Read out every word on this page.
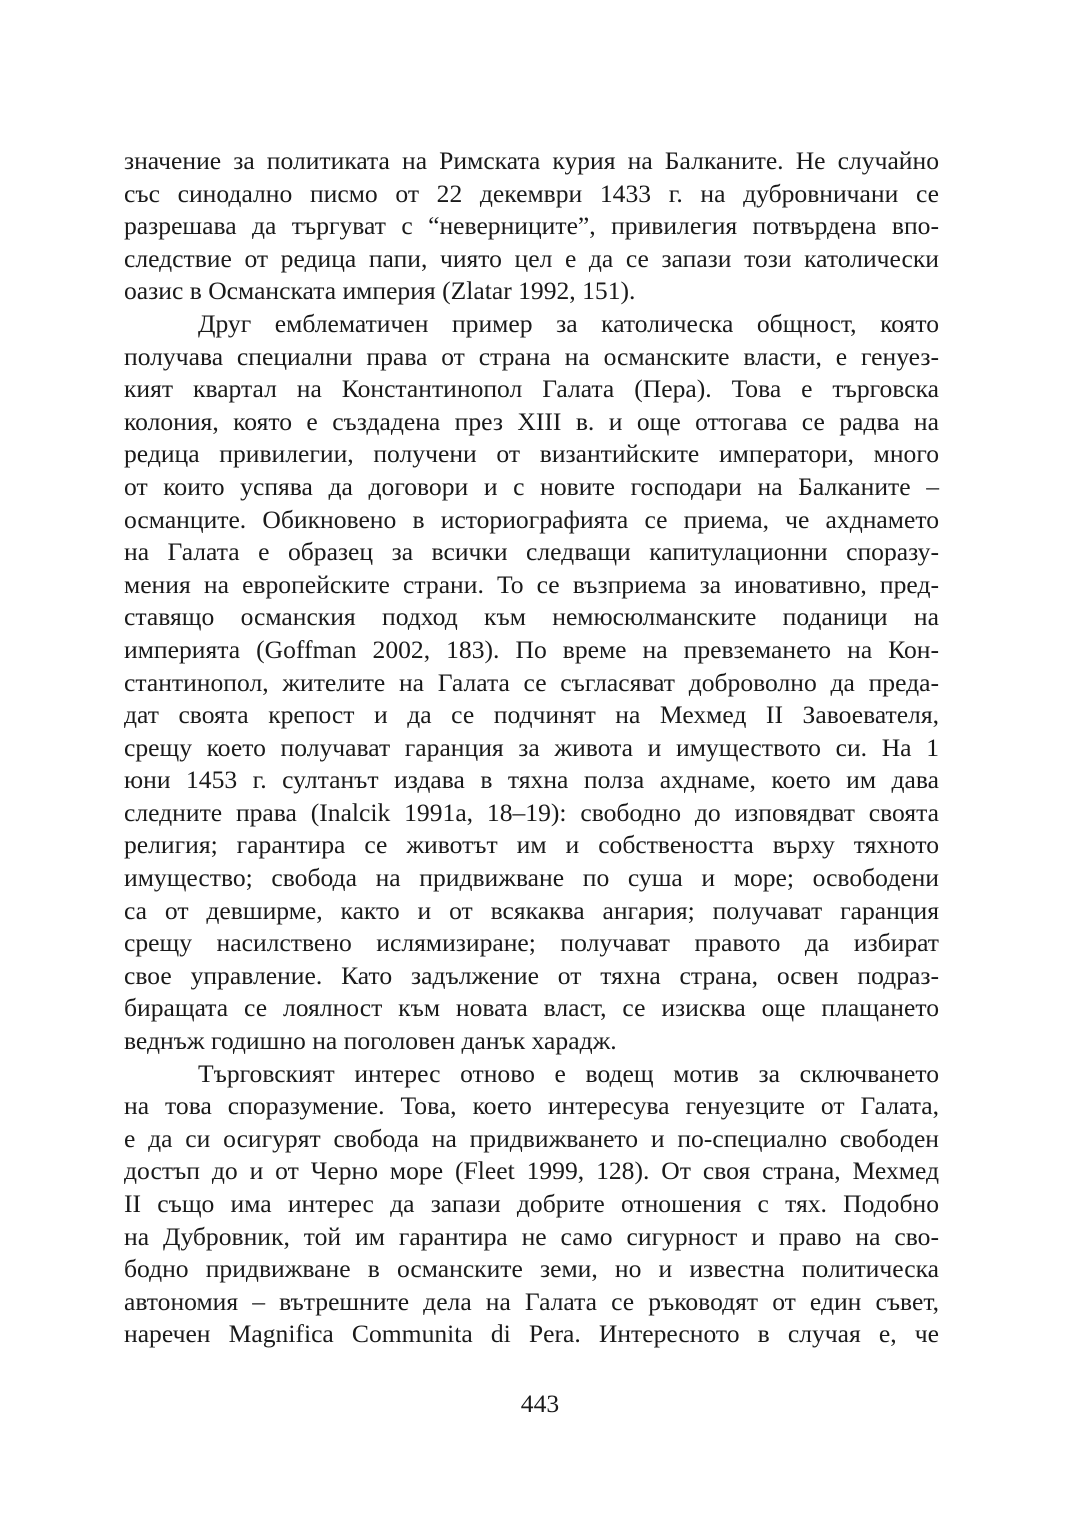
значение за политиката на Римската курия на Балканите. Не случайно
със синодално писмо от 22 декември 1433 г. на дубровничани се
разрешава да търгуват с “неверниците”, привилегия потвърдена впо-
следствие от редица папи, чиято цел е да се запази този католически
оазис в Османската империя (Zlatar 1992, 151).
Друг емблематичен пример за католическа общност, която
получава специални права от страна на османските власти, е генуез-
кият квартал на Константинопол Галата (Пера). Това е търговска
колония, която е създадена през XIII в. и още оттогава се радва на
редица привилегии, получени от византийските императори, много
от които успява да договори и с новите господари на Балканите –
османците. Обикновено в историографията се приема, че ахднамето
на Галата е образец за всички следващи капитулационни споразу-
мения на европейските страни. То се възприема за иновативно, пред-
ставящо османския подход към немюсюлманските поданици на
империята (Goffman 2002, 183). По време на превземането на Кон-
стантинопол, жителите на Галата се съгласяват доброволно да преда-
дат своята крепост и да се подчинят на Мехмед II Завоевателя,
срещу което получават гаранция за живота и имуществото си. На 1
юни 1453 г. султанът издава в тяхна полза ахднаме, което им дава
следните права (Inalcik 1991a, 18–19): свободно до изповядват своята
религия; гарантира се животът им и собствеността върху тяхното
имущество; свобода на придвижване по суша и море; освободени
са от девширме, както и от всякаква ангария; получават гаранция
срещу насилствено ислямизиране; получават правото да избират
свое управление. Като задължение от тяхна страна, освен подраз-
биращата се лоялност към новата власт, се изисква още плащането
веднъж годишно на поголовен данък харадж.
Търговският интерес отново е водещ мотив за сключването
на това споразумение. Това, което интересува генуезците от Галата,
е да си осигурят свобода на придвижването и по-специално свободен
достъп до и от Черно море (Fleet 1999, 128). От своя страна, Мехмед
II също има интерес да запази добрите отношения с тях. Подобно
на Дубровник, той им гарантира не само сигурност и право на сво-
бодно придвижване в османските земи, но и известна политическа
автономия – вътрешните дела на Галата се ръководят от един съвет,
наречен Magnifica Communita di Pera. Интересното в случая е, че
443
